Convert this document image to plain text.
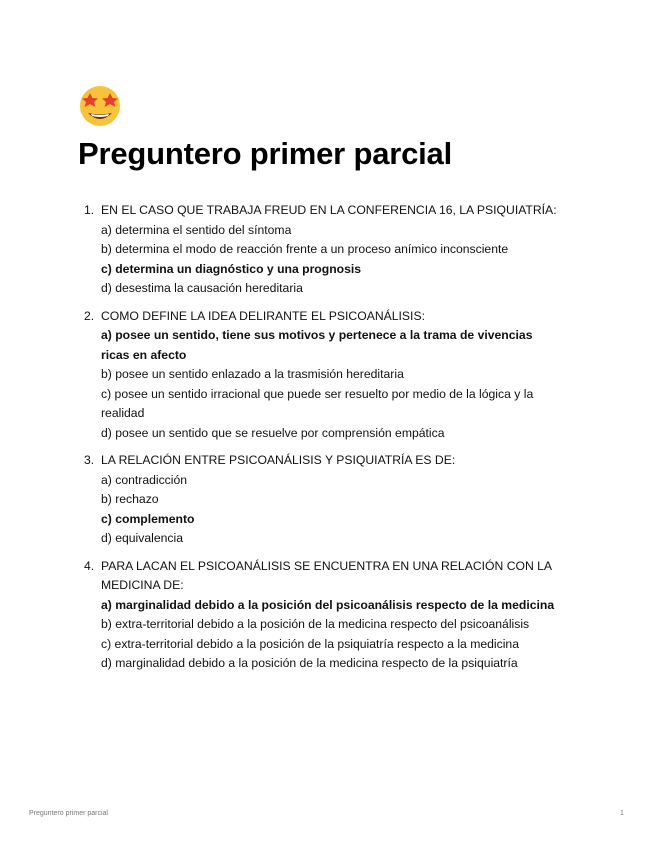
Preguntero primer parcial
1. EN EL CASO QUE TRABAJA FREUD EN LA CONFERENCIA 16, LA PSIQUIATRÍA:
a) determina el sentido del síntoma
b) determina el modo de reacción frente a un proceso anímico inconsciente
c) determina un diagnóstico y una prognosis
d) desestima la causación hereditaria
2. COMO DEFINE LA IDEA DELIRANTE EL PSICOANÁLISIS:
a) posee un sentido, tiene sus motivos y pertenece a la trama de vivencias ricas en afecto
b) posee un sentido enlazado a la trasmisión hereditaria
c) posee un sentido irracional que puede ser resuelto por medio de la lógica y la realidad
d) posee un sentido que se resuelve por comprensión empática
3. LA RELACIÓN ENTRE PSICOANÁLISIS Y PSIQUIATRÍA ES DE:
a) contradicción
b) rechazo
c) complemento
d) equivalencia
4. PARA LACAN EL PSICOANÁLISIS SE ENCUENTRA EN UNA RELACIÓN CON LA MEDICINA DE:
a) marginalidad debido a la posición del psicoanálisis respecto de la medicina
b) extra-territorial debido a la posición de la medicina respecto del psicoanálisis
c) extra-territorial debido a la posición de la psiquiatría respecto a la medicina
d) marginalidad debido a la posición de la medicina respecto de la psiquiatría
Preguntero primer parcial	1
